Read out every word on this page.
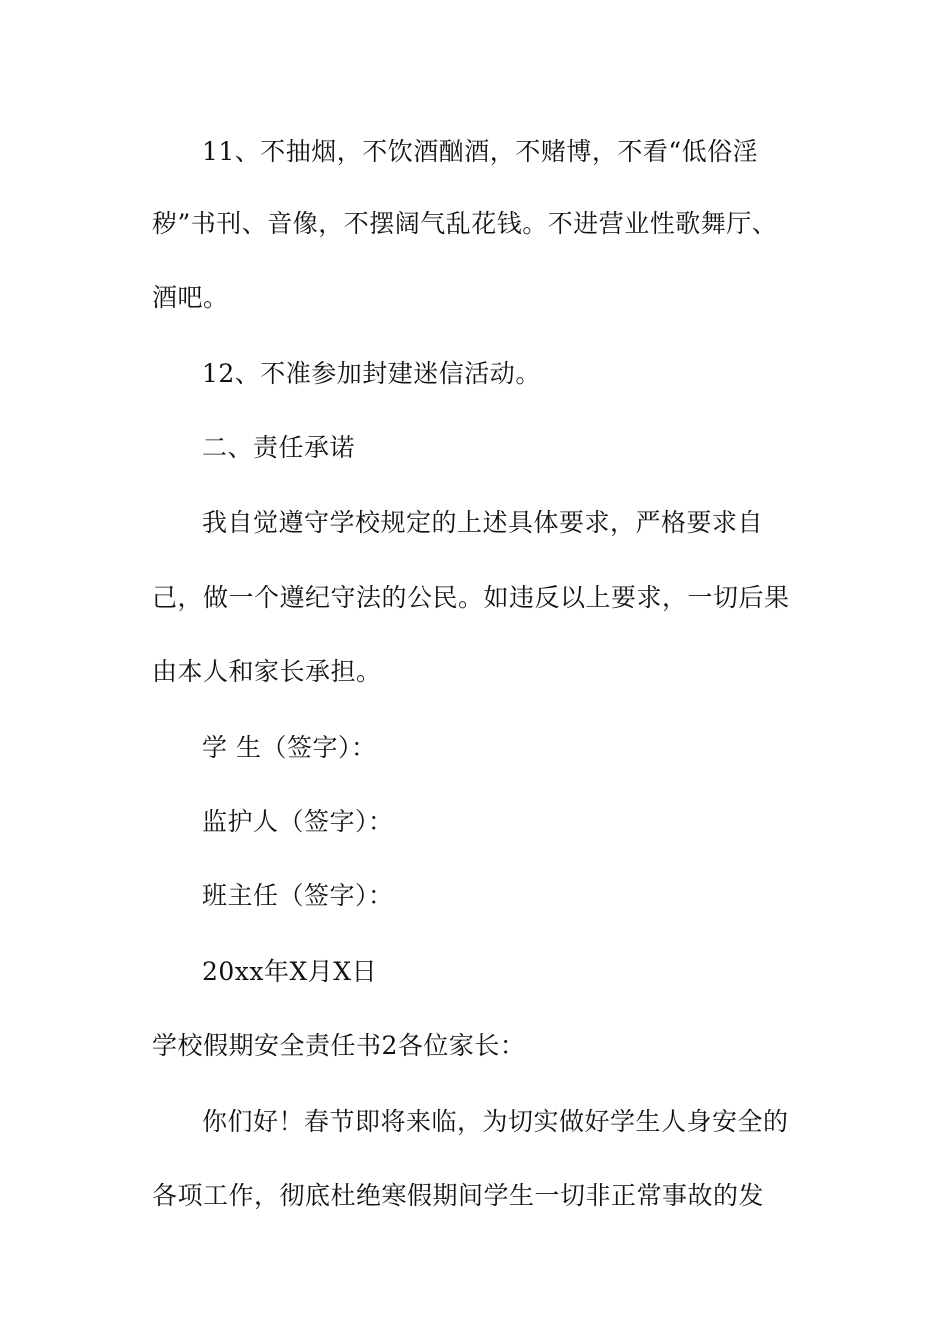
11、不抽烟，不饮酒酗酒，不赌博，不看“低俗淫
秽”书刊、音像，不摆阔气乱花钱。不进营业性歌舞厅、
酒吧。
12、不准参加封建迷信活动。
二、责任承诺
我自觉遵守学校规定的上述具体要求，严格要求自
己，做一个遵纪守法的公民。如违反以上要求，一切后果
由本人和家长承担。
学 生（签字）：
监护人（签字）：
班主任（签字）：
20xx年X月X日
学校假期安全责任书2各位家长：
你们好！春节即将来临，为切实做好学生人身安全的
各项工作，彻底杜绝寒假期间学生一切非正常事故的发
